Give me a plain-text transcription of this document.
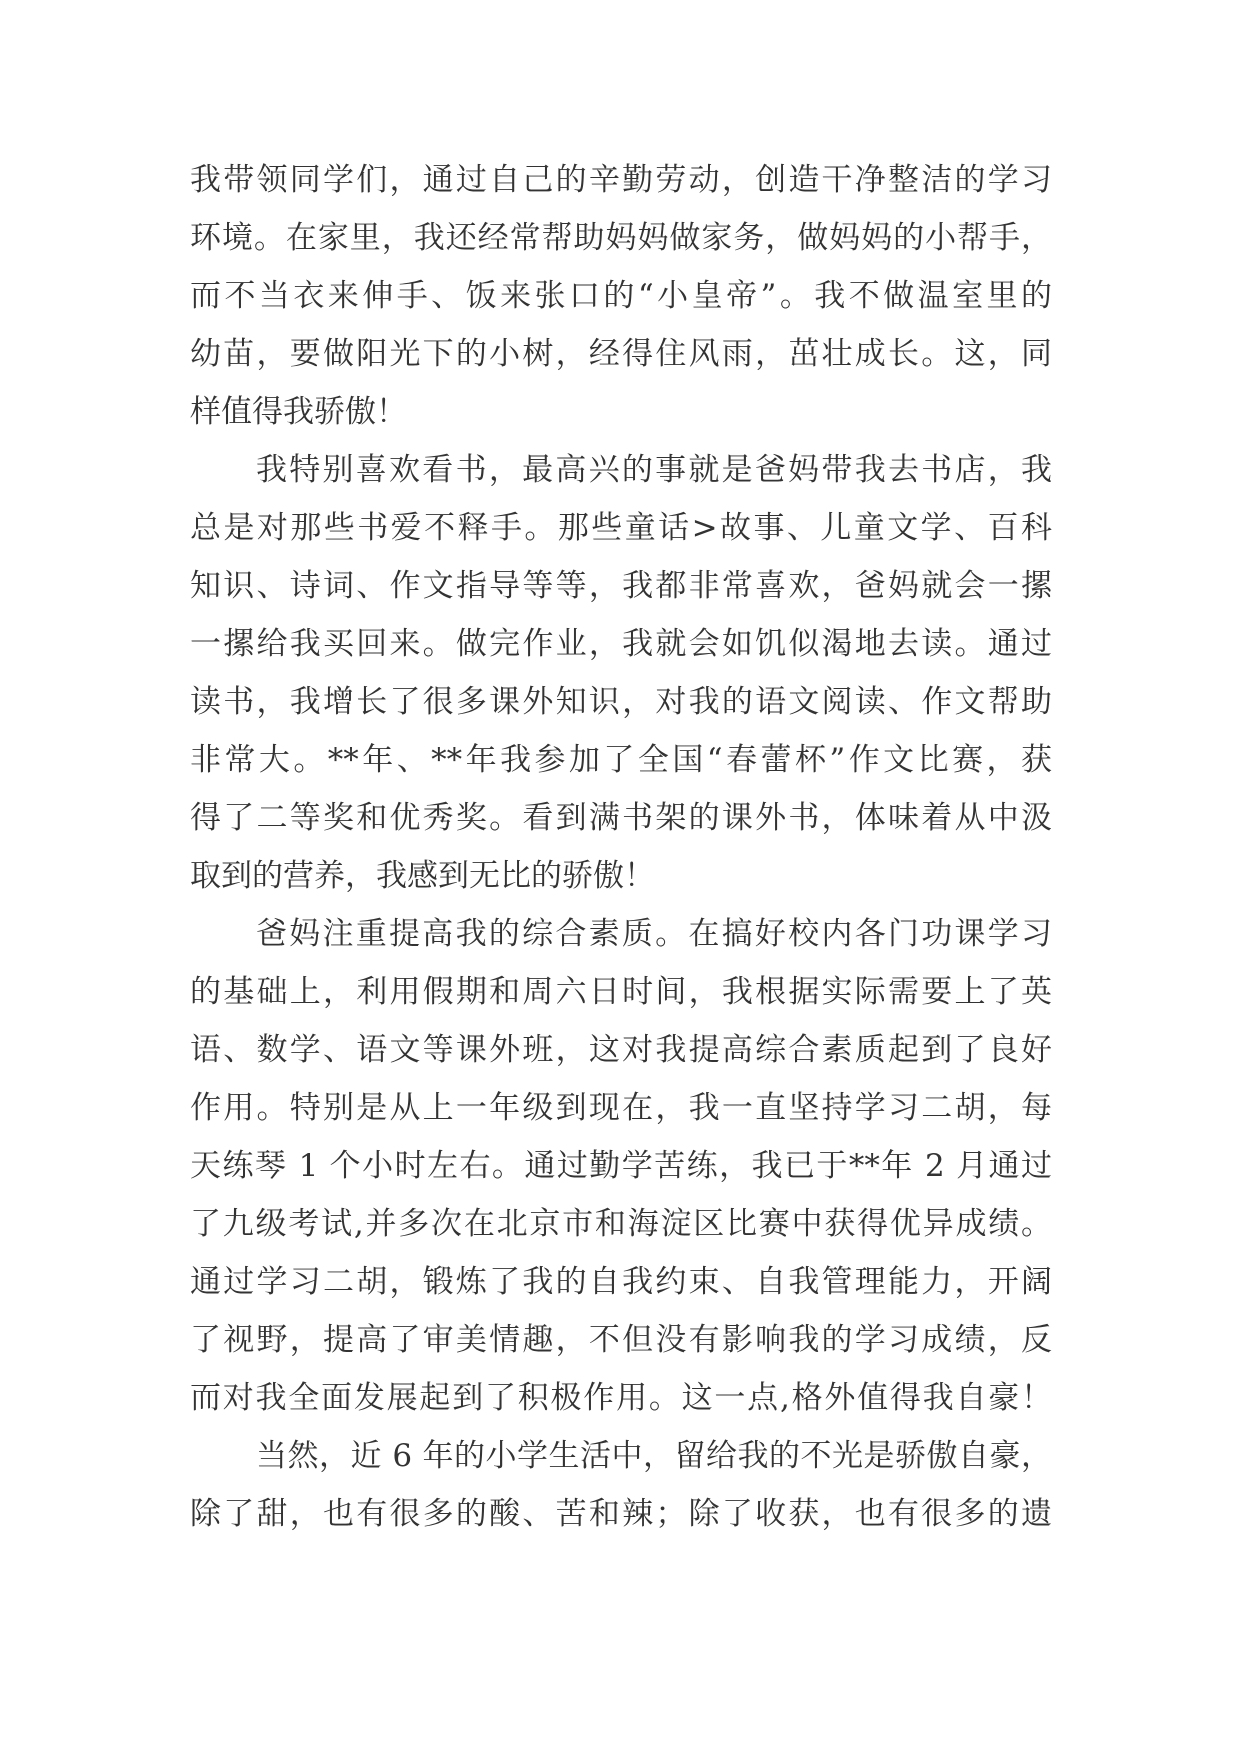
我带领同学们，通过自己的辛勤劳动，创造干净整洁的学习
环境。在家里，我还经常帮助妈妈做家务，做妈妈的小帮手，
而不当衣来伸手、饭来张口的“小皇帝”。我不做温室里的
幼苗，要做阳光下的小树，经得住风雨，茁壮成长。这，同
样值得我骄傲！
我特别喜欢看书，最高兴的事就是爸妈带我去书店，我
总是对那些书爱不释手。那些童话>故事、儿童文学、百科
知识、诗词、作文指导等等，我都非常喜欢，爸妈就会一摞
一摞给我买回来。做完作业，我就会如饥似渴地去读。通过
读书，我增长了很多课外知识，对我的语文阅读、作文帮助
非常大。**年、**年我参加了全国“春蕾杯”作文比赛，获
得了二等奖和优秀奖。看到满书架的课外书，体味着从中汲
取到的营养，我感到无比的骄傲！
爸妈注重提高我的综合素质。在搞好校内各门功课学习
的基础上，利用假期和周六日时间，我根据实际需要上了英
语、数学、语文等课外班，这对我提高综合素质起到了良好
作用。特别是从上一年级到现在，我一直坚持学习二胡，每
天练琴 1 个小时左右。通过勤学苦练，我已于**年 2 月通过
了九级考试,并多次在北京市和海淀区比赛中获得优异成绩。
通过学习二胡，锻炼了我的自我约束、自我管理能力，开阔
了视野，提高了审美情趣，不但没有影响我的学习成绩，反
而对我全面发展起到了积极作用。这一点,格外值得我自豪！
当然，近 6 年的小学生活中，留给我的不光是骄傲自豪，
除了甜，也有很多的酸、苦和辣；除了收获，也有很多的遗
